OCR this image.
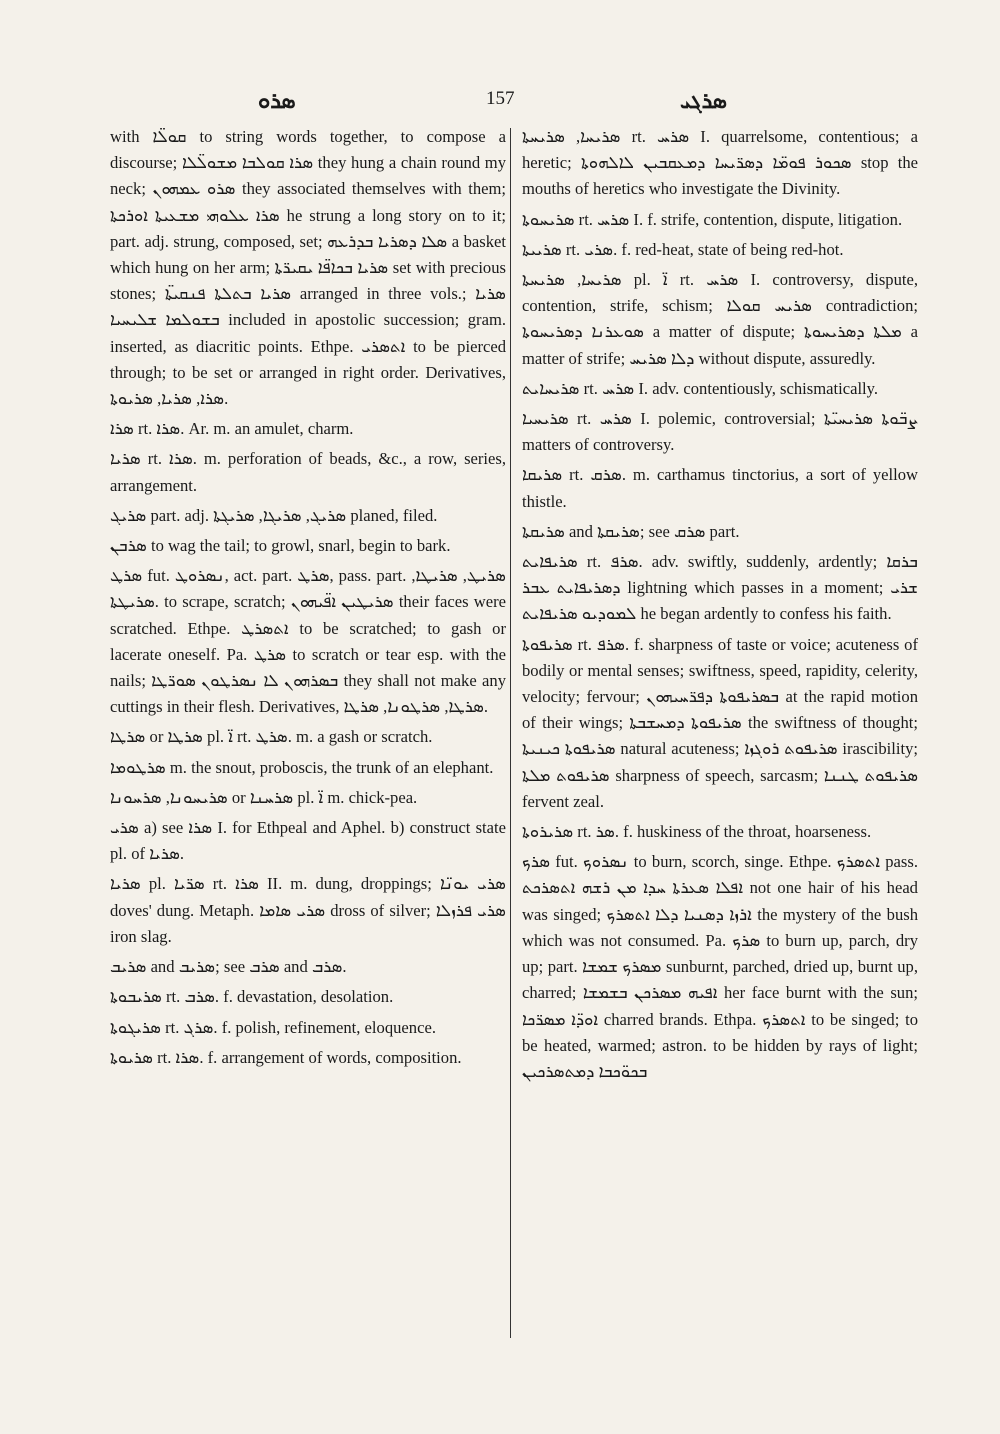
ܣܪܘ	157	ܣܪܓܝ

with ܩܘܠ̈ܐ to string words together, to compose a discourse; ܣܪܐ ܩܘܠܒܐ ܡܫܘܠ̈ܠܐ they hung a chain round my neck; ܣܪܘ ܥܡܗܘܢ they associated themselves with them; ܣܪܐ ܥܠܘܗܝ ܡܫܥܝܬܐ ܐܘܪܟܬܐ he strung a long story on to it; part. adj. strung, composed, set; ܣܠܐ ܕܣܪܝܐ ܒܕܪܥܗ a basket which hung on her arm; ܣܪܝܐ ܒܟܐܦ̈ܐ ܝܩܝܪ̈ܬܐ set with precious stones; ܣܪܝܐ ܒܬܠܬܐ ܦܢܩܝܬ̈ܐ arranged in three vols.; ܣܪܝܐ ܒܫܘܠܡܐ ܫܠܝܚܝܐ included in apostolic succession; gram. inserted, as diacritic points. Ethpe. ܐܬܣܪܝ to be pierced through; to be set or arranged in right order. Derivatives, ܣܪܐ, ܣܪܝܐ, ܣܪܝܘܬܐ.

ܣܪܐ rt. ܣܪܐ. Ar. m. an amulet, charm.

ܣܪܝܐ rt. ܣܪܐ. m. perforation of beads, &c., a row, series, arrangement.

ܣܪܝܓ part. adj. ܣܪܝܓ, ܣܪܝܓܐ, ܣܪܝܓܬܐ planed, filed.

ܣܪܒܢ to wag the tail; to growl, snarl, begin to bark.

ܣܪܛ fut. ܢܣܪܘܛ, act. part. ܣܪܛ, pass. part. ܣܪܝܛ, ܣܪܝܛܐ, ܣܪܝܛܬܐ. to scrape, scratch; ܣܪܝܛܝܢ ܐܦ̈ܝܗܘܢ their faces were scratched. Ethpe. ܐܬܣܪܛ to be scratched; to gash or lacerate oneself. Pa. ܣܪܛ to scratch or tear esp. with the nails; ܒܣܪܗܘܢ ܠܐ ܢܣܪܛܘܢ ܣܘܪ̈ܛܐ they shall not make any cuttings in their flesh. Derivatives, ܣܪܛܐ, ܣܪܛܘܢܐ, ܣܪܛܐ.

ܣܪܛܐ or ܣܪܛܐ pl. ܐ̈ rt. ܣܪܛ. m. a gash or scratch.

ܣܪܛܘܡܐ m. the snout, proboscis, the trunk of an elephant.

ܣܪܝܚܘܢܐ, ܣܪܚܘܢܐ or ܣܪܚܢܐ pl. ܐ̈ m. chick-pea.

ܣܪܝ a) see ܣܪܐ I. for Ethpeal and Aphel. b) construct state pl. of ܣܪܝܐ.

ܣܪܝܐ pl. ܣܪ̈ܝܐ rt. ܣܪܐ II. m. dung, droppings; ܣܪܝ ܝܘܢ̈ܐ doves' dung. Metaph. ܣܪܝ ܣܐܡܐ dross of silver; ܣܪܝ ܦܪܙܠܐ iron slag.

ܣܪܝܒ and ܣܪܝܒ; see ܣܪܒ and ܣܪܒ.

ܣܪܝܒܘܬܐ rt. ܣܪܒ. f. devastation, desolation.

ܣܪܝܓܘܬܐ rt. ܣܪܓ. f. polish, refinement, eloquence.

ܣܪܝܘܬܐ rt. ܣܪܐ. f. arrangement of words, composition.

ܣܪܝܚܐ, ܣܪܝܚܬܐ rt. ܣܪܚ I. quarrelsome, contentious; a heretic; ܣܟܘܪ ܦܘܡ̈ܐ ܕܣܪ̈ܝܚܐ ܕܡܥܩܒܝܢ ܠܐܠܗܘܬܐ stop the mouths of heretics who investigate the Divinity.

ܣܪܝܚܘܬܐ rt. ܣܪܚ I. f. strife, contention, dispute, litigation.

ܣܪܝܝܬܐ rt. ܣܪܝ. f. red-heat, state of being red-hot.

ܣܪܝܚܐ, ܣܪܝܚܬܐ pl. ܐ̈ rt. ܣܪܚ I. controversy, dispute, contention, strife, schism; ܣܪܝܚ ܩܘܠܐ contradiction; ܣܘܥܪܢܐ ܕܣܪܝܚܘܬܐ a matter of dispute; ܡܠܬܐ ܕܣܪܝܚܘܬܐ a matter of strife; ܕܠܐ ܣܪܝܚ without dispute, assuredly.

ܣܪܝܚܐܝܬ rt. ܣܪܚ I. adv. contentiously, schismatically.

ܣܪܝܚܝܐ rt. ܣܪܚ I. polemic, controversial; ܨܒ̈ܘܬܐ ܣܪܝܚܝ̈ܬܐ matters of controversy.

ܣܪܝܩܐ rt. ܣܪܩ. m. carthamus tinctorius, a sort of yellow thistle.

ܣܪܝܩܬܐ and ܣܪܝܩܬܐ; see ܣܪܩ part.

ܣܪܝܦܐܝܬ rt. ܣܪܦ. adv. swiftly, suddenly, ardently; ܒܪܩܐ ܕܣܪܝܦܐܝܬ ܥܒܪ lightning which passes in a moment; ܫܪܝ ܠܡܘܕܝܘ ܣܪܝܦܐܝܬ he began ardently to confess his faith.

ܣܪܝܦܘܬܐ rt. ܣܪܦ. f. sharpness of taste or voice; acuteness of bodily or mental senses; swiftness, speed, rapidity, celerity, velocity; fervour; ܒܣܪܝܦܘܬܐ ܕܦܪ̈ܚܝܗܘܢ at the rapid motion of their wings; ܣܪܝܦܘܬܐ ܕܡܚܫܒܬܐ the swiftness of thought; ܣܪܝܦܘܬܐ ܟܝܢܝܬܐ natural acuteness; ܣܪܝܦܘܬ ܪܘܓܙܐ irascibility; ܣܪܝܦܘܬ ܡܠܬܐ sharpness of speech, sarcasm; ܣܪܝܦܘܬ ܛܢܢܐ fervent zeal.

ܣܪܝܪܘܬܐ rt. ܣܪ. f. huskiness of the throat, hoarseness.

ܣܪܟ fut. ܢܣܪܘܟ to burn, scorch, singe. Ethpe. ܐܬܣܪܟ pass. ܐܦܠܐ ܣܥܪܬܐ ܚܕܐ ܡܢ ܪܫܗ ܐܬܣܪܟܬ not one hair of his head was singed; ܐܪܙܐ ܕܣܢܝܐ ܕܠܐ ܐܬܣܪܟ the mystery of the bush which was not consumed. Pa. ܣܪܟ to burn up, parch, dry up; part. ܡܣܪܟ ܫܡܫܐ sunburnt, parched, dried up, burnt up, charred; ܐܦܝܗ ܡܣܪܟܢ ܒܫܡܫܐ her face burnt with the sun; ܐܘܕ̈ܐ ܡܣܪ̈ܟܐ charred brands. Ethpa. ܐܬܣܪܟ to be singed; to be heated, warmed; astron. to be hidden by rays of light; ܒܟܘ̈ܟܒܐ ܕܡܬܣܪܟܝܢ
